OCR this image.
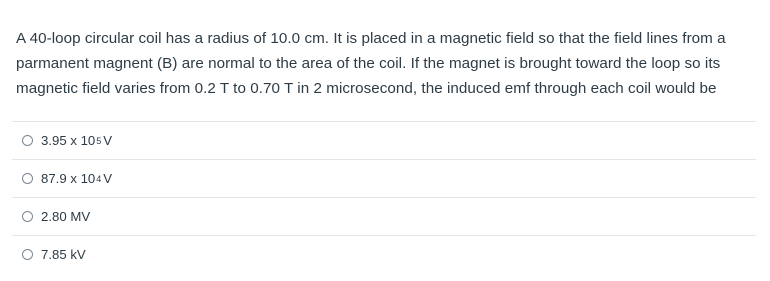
A 40-loop circular coil has a radius of 10.0 cm. It is placed in a magnetic field so that the field lines from a parmanent magnent (B) are normal to the area of the coil. If the magnet is brought toward the loop so its magnetic field varies from 0.2 T to 0.70 T in 2 microsecond, the induced emf through each coil would be
3.95 x $10^5$ V
87.9 x $10^4$ V
2.80 MV
7.85 kV
